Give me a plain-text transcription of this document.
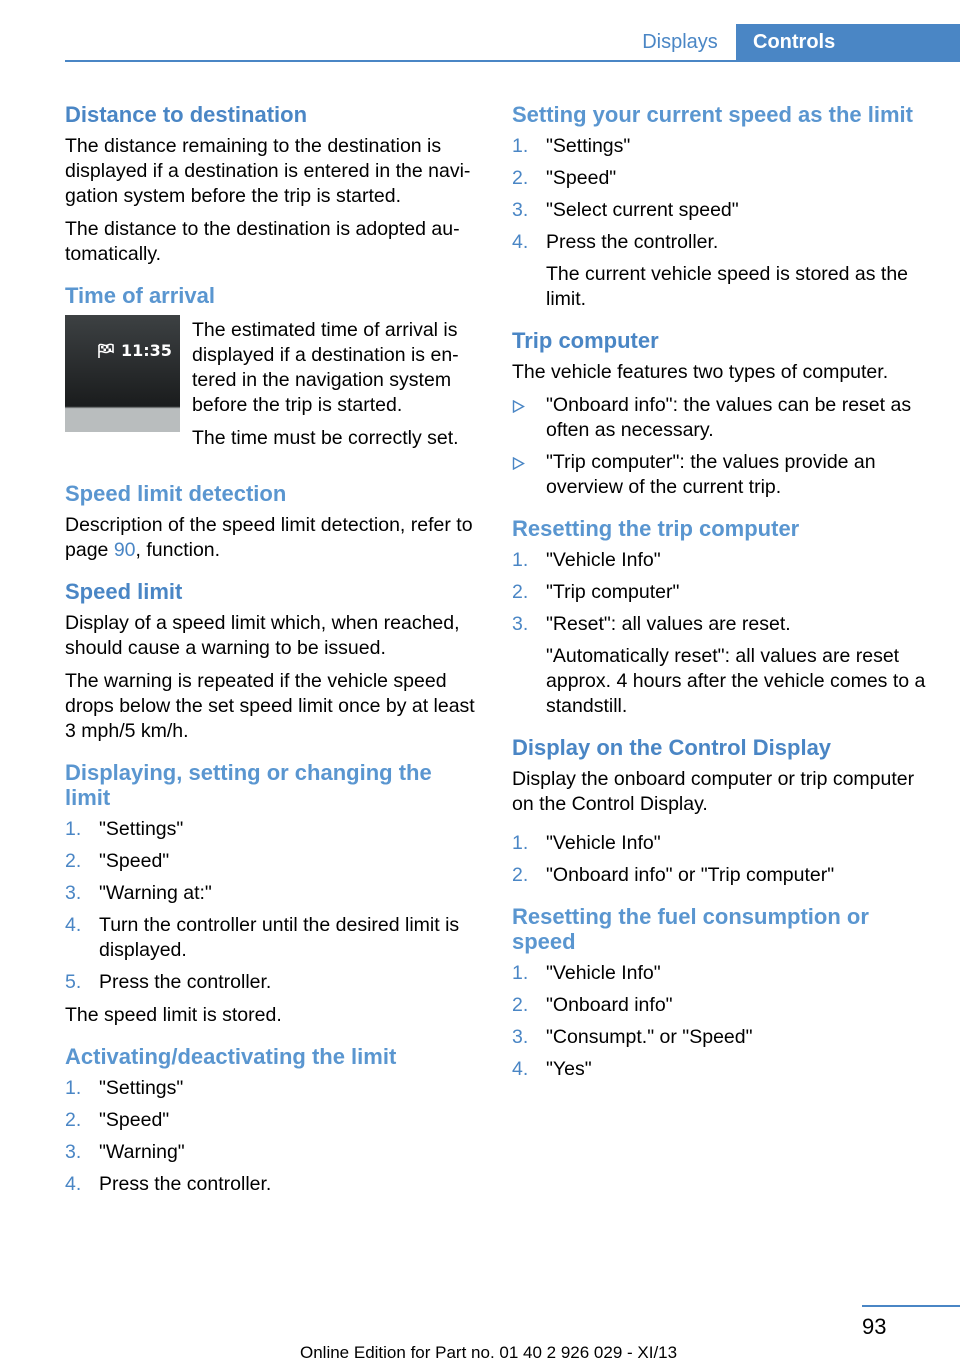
Displays	Controls
Distance to destination

The distance remaining to the destination is displayed if a destination is entered in the navigation system before the trip is started.

The distance to the destination is adopted automatically.

Time of arrival
11:35

The estimated time of arrival is displayed if a destination is entered in the navigation system before the trip is started.

The time must be correctly set.

Speed limit detection

Description of the speed limit detection, refer to page 90, function.

Speed limit

Display of a speed limit which, when reached, should cause a warning to be issued.

The warning is repeated if the vehicle speed drops below the set speed limit once by at least 3 mph/5 km/h.

Displaying, setting or changing the limit
1. "Settings"
2. "Speed"
3. "Warning at:"
4. Turn the controller until the desired limit is displayed.
5. Press the controller.

The speed limit is stored.

Activating/deactivating the limit
1. "Settings"
2. "Speed"
3. "Warning"
4. Press the controller.
Setting your current speed as the limit
1. "Settings"
2. "Speed"
3. "Select current speed"
4. Press the controller.

The current vehicle speed is stored as the limit.

Trip computer

The vehicle features two types of computer.

"Onboard info": the values can be reset as often as necessary.
"Trip computer": the values provide an overview of the current trip.
Resetting the trip computer
1. "Vehicle Info"
2. "Trip computer"
3. "Reset": all values are reset.

"Automatically reset": all values are reset approx. 4 hours after the vehicle comes to a standstill.

Display on the Control Display

Display the onboard computer or trip computer on the Control Display.

1. "Vehicle Info"
2. "Onboard info" or "Trip computer"
Resetting the fuel consumption or speed
1. "Vehicle Info"
2. "Onboard info"
3. "Consumpt." or "Speed"
4. "Yes"
93
Online Edition for Part no. 01 40 2 926 029 - XI/13
